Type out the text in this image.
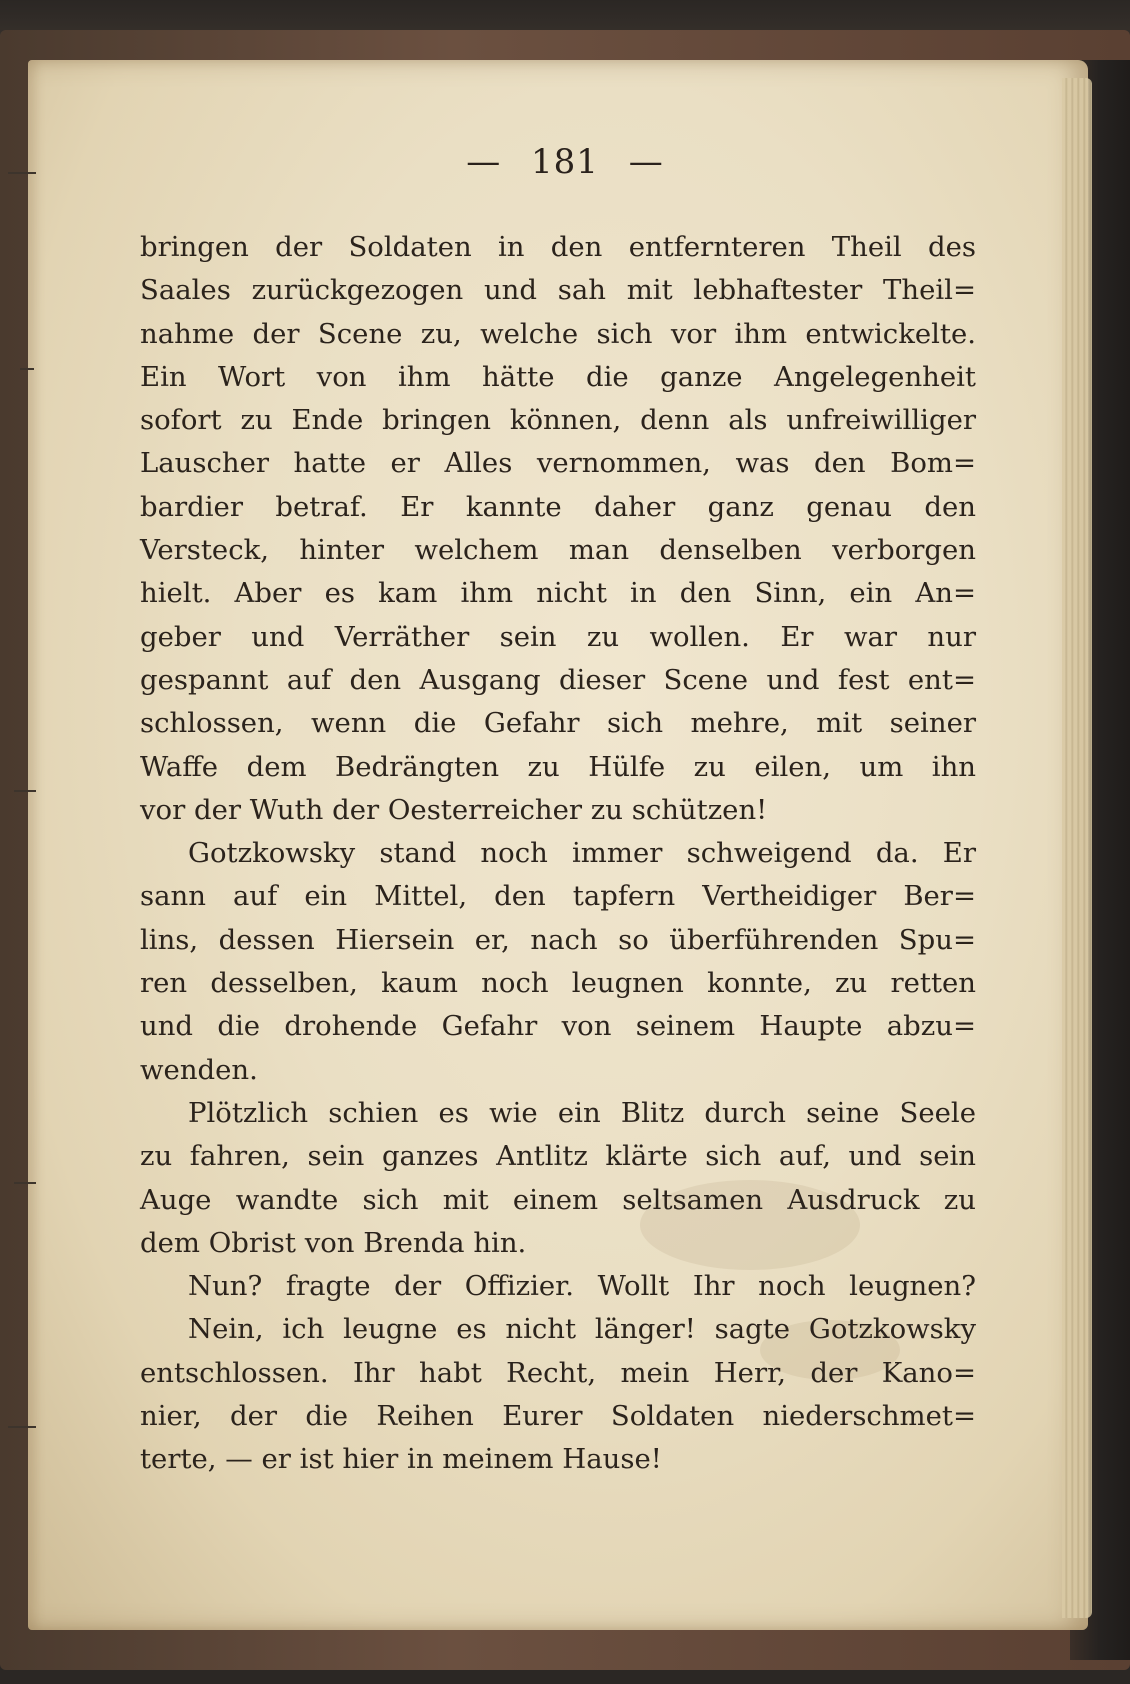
— 181 —
bringen der Soldaten in den entfernteren Theil des
Saales zurückgezogen und sah mit lebhaftester Theil=
nahme der Scene zu, welche sich vor ihm entwickelte.
Ein Wort von ihm hätte die ganze Angelegenheit
sofort zu Ende bringen können, denn als unfreiwilliger
Lauscher hatte er Alles vernommen, was den Bom=
bardier betraf. Er kannte daher ganz genau den
Versteck, hinter welchem man denselben verborgen
hielt. Aber es kam ihm nicht in den Sinn, ein An=
geber und Verräther sein zu wollen. Er war nur
gespannt auf den Ausgang dieser Scene und fest ent=
schlossen, wenn die Gefahr sich mehre, mit seiner
Waffe dem Bedrängten zu Hülfe zu eilen, um ihn
vor der Wuth der Oesterreicher zu schützen!
Gotzkowsky stand noch immer schweigend da. Er
sann auf ein Mittel, den tapfern Vertheidiger Ber=
lins, dessen Hiersein er, nach so überführenden Spu=
ren desselben, kaum noch leugnen konnte, zu retten
und die drohende Gefahr von seinem Haupte abzu=
wenden.
Plötzlich schien es wie ein Blitz durch seine Seele
zu fahren, sein ganzes Antlitz klärte sich auf, und sein
Auge wandte sich mit einem seltsamen Ausdruck zu
dem Obrist von Brenda hin.
Nun? fragte der Offizier. Wollt Ihr noch leugnen?
Nein, ich leugne es nicht länger! sagte Gotzkowsky
entschlossen. Ihr habt Recht, mein Herr, der Kano=
nier, der die Reihen Eurer Soldaten niederschmet=
terte, — er ist hier in meinem Hause!
